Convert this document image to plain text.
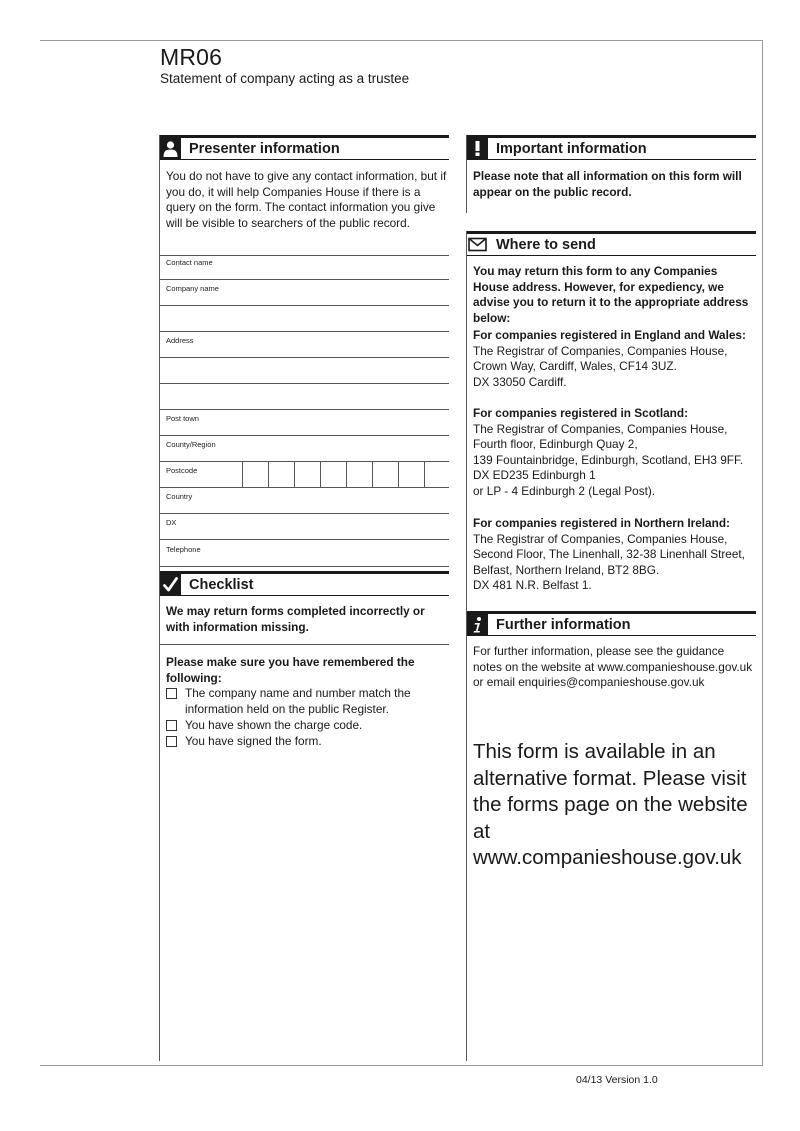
MR06
Statement of company acting as a trustee
Presenter information
You do not have to give any contact information, but if you do, it will help Companies House if there is a query on the form. The contact information you give will be visible to searchers of the public record.
Contact name
Company name
Address
Post town
County/Region
Postcode
Country
DX
Telephone
Checklist
We may return forms completed incorrectly or with information missing.
Please make sure you have remembered the following:
The company name and number match the information held on the public Register.
You have shown the charge code.
You have signed the form.
Important information
Please note that all information on this form will appear on the public record.
Where to send
You may return this form to any Companies House address. However, for expediency, we advise you to return it to the appropriate address below:
For companies registered in England and Wales:
The Registrar of Companies, Companies House,
Crown Way, Cardiff, Wales, CF14 3UZ.
DX 33050 Cardiff.
For companies registered in Scotland:
The Registrar of Companies, Companies House,
Fourth floor, Edinburgh Quay 2,
139 Fountainbridge, Edinburgh, Scotland, EH3 9FF.
DX ED235 Edinburgh 1
or LP - 4 Edinburgh 2 (Legal Post).
For companies registered in Northern Ireland:
The Registrar of Companies, Companies House,
Second Floor, The Linenhall, 32-38 Linenhall Street,
Belfast, Northern Ireland, BT2 8BG.
DX 481 N.R. Belfast 1.
Further information
For further information, please see the guidance notes on the website at www.companieshouse.gov.uk or email enquiries@companieshouse.gov.uk
This form is available in an alternative format. Please visit the forms page on the website at www.companieshouse.gov.uk
04/13 Version 1.0
